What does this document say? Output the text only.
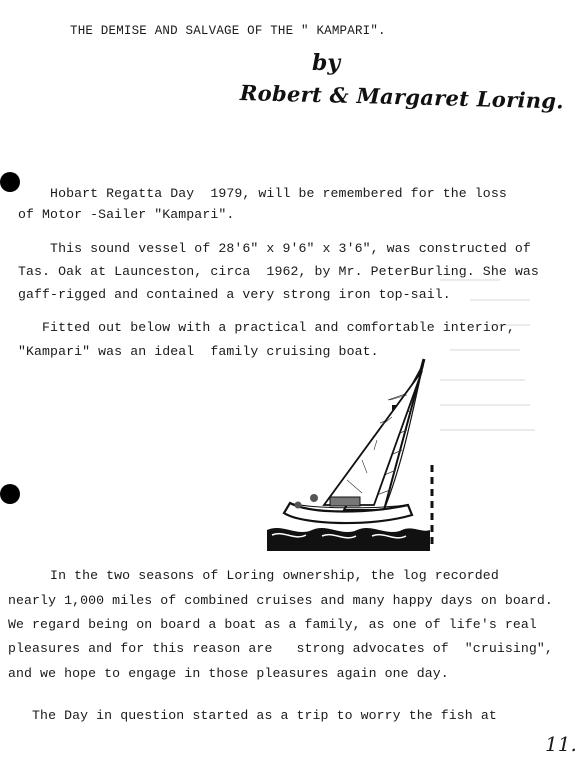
THE DEMISE AND SALVAGE OF THE " KAMPARI".
by
Robert & Margaret Loring.
Hobart Regatta Day  1979, will be remembered for the loss
of Motor -Sailer "Kampari".
This sound vessel of 28'6" x 9'6" x 3'6", was constructed of
Tas. Oak at Launceston, circa  1962, by Mr. PeterBurling. She was
gaff-rigged and contained a very strong iron top-sail.
Fitted out below with a practical and comfortable interior,
"Kampari" was an ideal  family cruising boat.
In the two seasons of Loring ownership, the log recorded
nearly 1,000 miles of combined cruises and many happy days on board.
We regard being on board a boat as a family, as one of life's real
pleasures and for this reason are   strong advocates of  "cruising",
and we hope to engage in those pleasures again one day.
The Day in question started as a trip to worry the fish at
11.
